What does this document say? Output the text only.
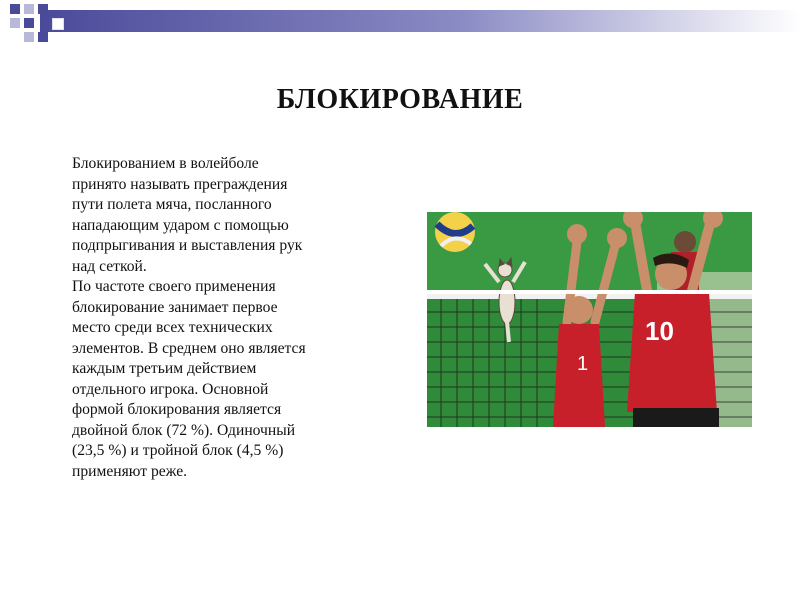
БЛОКИРОВАНИЕ

Блокированием в волейболе
принято называть преграждения
пути полета мяча, посланного
нападающим ударом с помощью
подпрыгивания и выставления рук
над сеткой.

По частоте своего применения
блокирование занимает первое
место среди всех технических
элементов. В среднем оно является
каждым третьим действием
отдельного игрока. Основной
формой блокирования является
двойной блок (72 %). Одиночный
(23,5 %) и тройной блок (4,5 %)
применяют реже.

1
10
